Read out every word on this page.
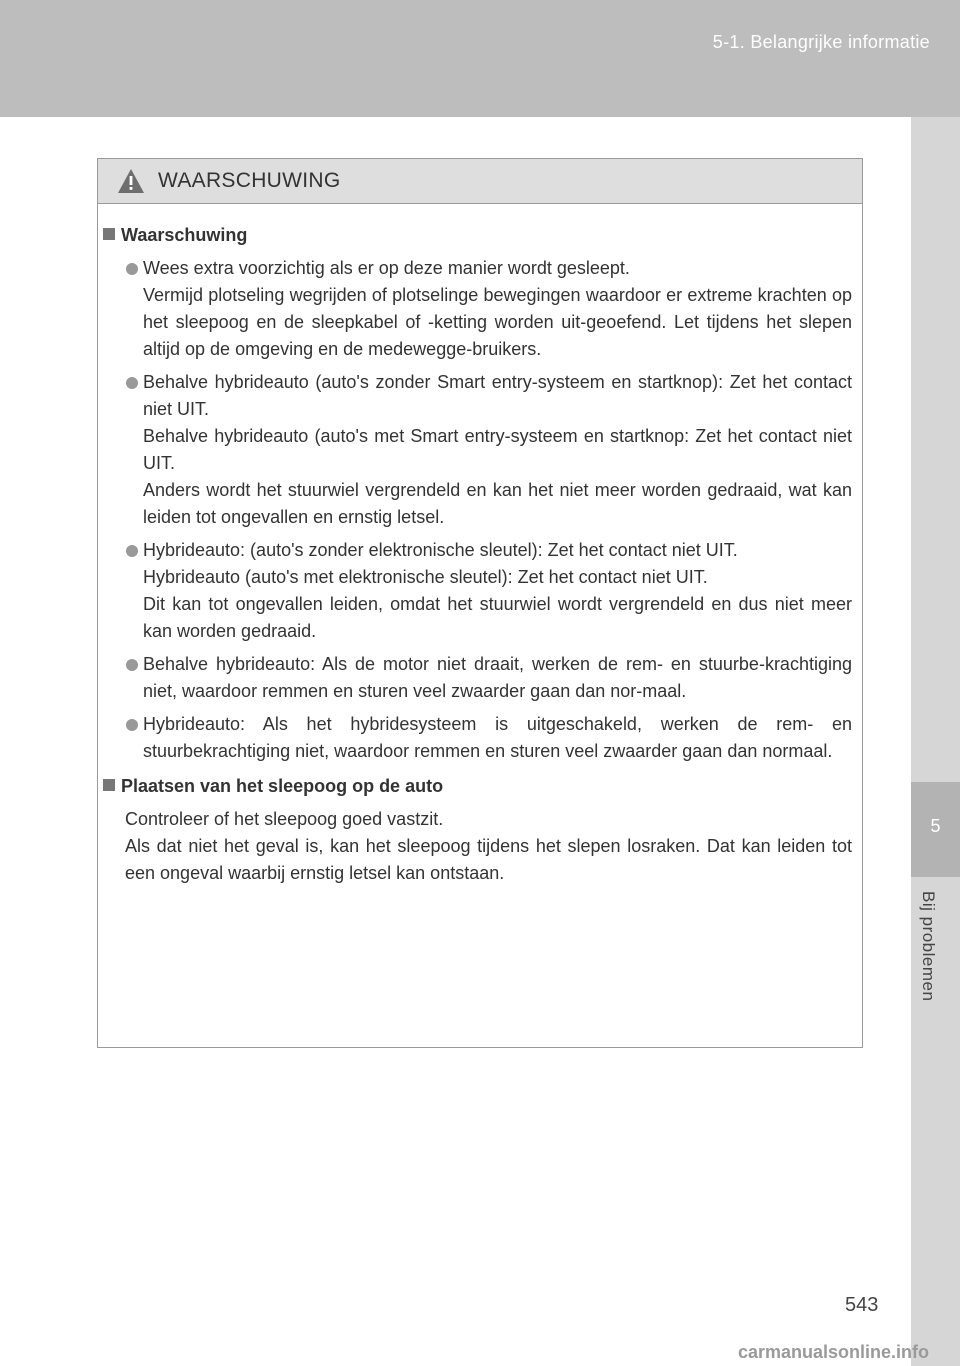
5-1. Belangrijke informatie
5
Bij problemen
WAARSCHUWING
Waarschuwing

Wees extra voorzichtig als er op deze manier wordt gesleept.

Vermijd plotseling wegrijden of plotselinge bewegingen waardoor er extreme krachten op het sleepoog en de sleepkabel of -ketting worden uit-geoefend. Let tijdens het slepen altijd op de omgeving en de medewegge-bruikers.

Behalve hybrideauto (auto's zonder Smart entry-systeem en startknop): Zet het contact niet UIT.

Behalve hybrideauto (auto's met Smart entry-systeem en startknop: Zet het contact niet UIT.

Anders wordt het stuurwiel vergrendeld en kan het niet meer worden gedraaid, wat kan leiden tot ongevallen en ernstig letsel.

Hybrideauto: (auto's zonder elektronische sleutel): Zet het contact niet UIT.

Hybrideauto (auto's met elektronische sleutel): Zet het contact niet UIT.

Dit kan tot ongevallen leiden, omdat het stuurwiel wordt vergrendeld en dus niet meer kan worden gedraaid.

Behalve hybrideauto: Als de motor niet draait, werken de rem- en stuurbe-krachtiging niet, waardoor remmen en sturen veel zwaarder gaan dan nor-maal.

Hybrideauto: Als het hybridesysteem is uitgeschakeld, werken de rem- en stuurbekrachtiging niet, waardoor remmen en sturen veel zwaarder gaan dan normaal.

Plaatsen van het sleepoog op de auto

Controleer of het sleepoog goed vastzit.

Als dat niet het geval is, kan het sleepoog tijdens het slepen losraken. Dat kan leiden tot een ongeval waarbij ernstig letsel kan ontstaan.

543
carmanualsonline.info
